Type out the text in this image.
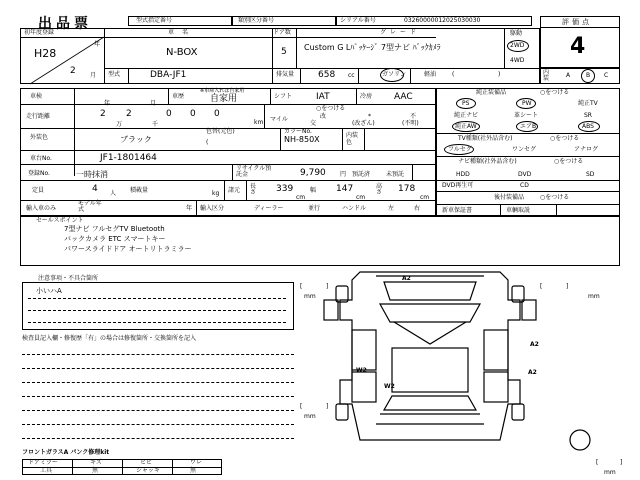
出品票	型式指定番号	類別区分番号	シリアル番号	03260000012025030030	評価点
4
初年度登録
H28
年
2 月
車名
N-BOX
ドア数
5
グレード
Custom G Lﾊﾟｯｹｰｼﾞ 7型ナビ ﾊﾞｯｸｶﾒﾗ
駆動
2WD
4WD
型式	DBA-JF1	排気量	658 cc	ガソリン	軽油	(	)	内装	A	B C
車検
年	月
車歴
※車庫入れは自家用
自家用	シフト	IAT	冷房 AAC
走行距離	2 2	0 0 0
万	千	km
○をつける
マイル	改	*	不
交	(改ざん)	(不明)
外装色	ブラック
色替(元色)
(
カラーNo.
NH-850X	内装色
車台No.	JF1-1801464
登録No.	一時抹消
リサイクル預託金	9,790 円 預託済	未預託
定員	4 人 積載量	kg 諸元
長さ 339
cm
幅 147
cm
高さ 178
cm
輸入車のみ
モデル年式	年 輸入区分	ディーラー	並行	ハンドル	左	右
純正装備品	○をつける
PS	PW	純正TV
純正ナビ	革シート	SR
純正AW	エアB	ABS
TV種類(社外品含む)	○をつける
フルセグ	ワンセグ	アナログ
ナビ種類(社外品含む)	○をつける
HDD	DVD	SD
DVD再生可	CD
後付装備品	○をつける
新車保証書	車輌取説
セールスポイント
7型ナビ フルセグTV Bluetooth
バックカメラ ETC スマートキー
パワースライドドア オートリトラミラー
注意事項・不具合箇所
小いハA
検査員記入欄・修復歴「有」の場合は修復箇所・交換箇所を記入
フロントガラスA パンク修理kit
ドアミラー	キズ	ヒビ	ワレ
工具	無	ジャッキ	無
[	]
mm
[	]
mm
[	]
mm
[	]
mm
A2
A2
A2
W2
W2
